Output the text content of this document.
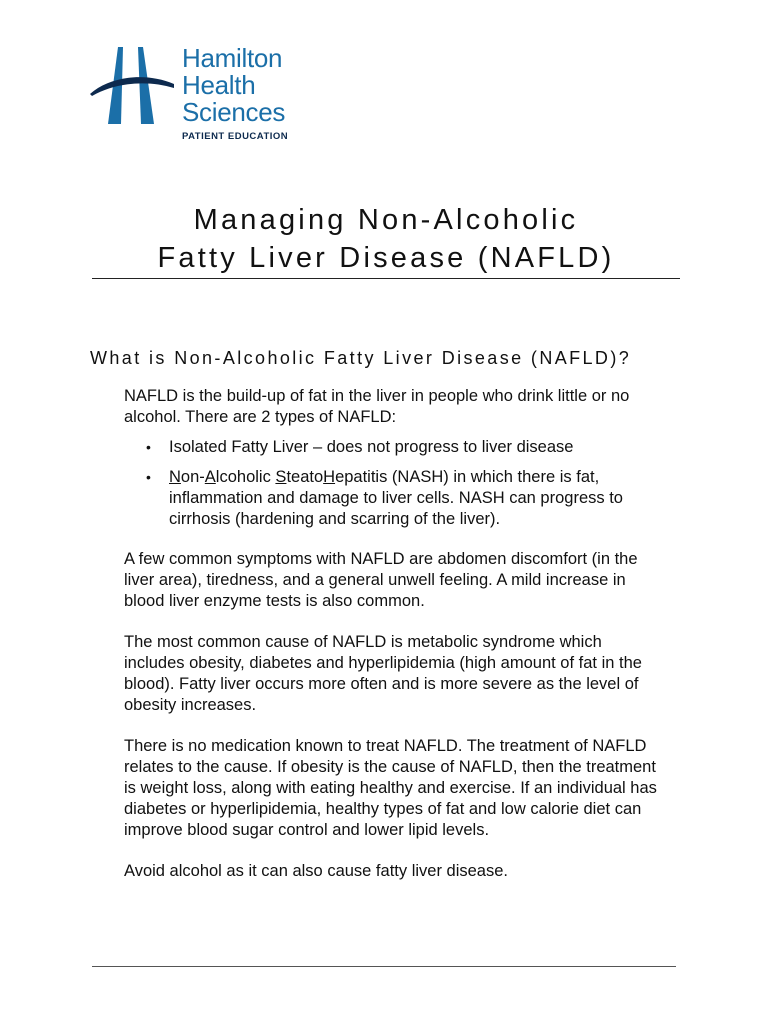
Hamilton
Health
Sciences
PATIENT EDUCATION
Managing Non-Alcoholic
Fatty Liver Disease (NAFLD)
What is Non-Alcoholic Fatty Liver Disease (NAFLD)?

NAFLD is the build-up of fat in the liver in people who drink little or no alcohol. There are 2 types of NAFLD:

• Isolated Fatty Liver – does not progress to liver disease
• Non-Alcoholic SteatoHepatitis (NASH) in which there is fat, inflammation and damage to liver cells. NASH can progress to cirrhosis (hardening and scarring of the liver).

A few common symptoms with NAFLD are abdomen discomfort (in the liver area), tiredness, and a general unwell feeling. A mild increase in blood liver enzyme tests is also common.

The most common cause of NAFLD is metabolic syndrome which includes obesity, diabetes and hyperlipidemia (high amount of fat in the blood). Fatty liver occurs more often and is more severe as the level of obesity increases.

There is no medication known to treat NAFLD. The treatment of NAFLD relates to the cause. If obesity is the cause of NAFLD, then the treatment is weight loss, along with eating healthy and exercise. If an individual has diabetes or hyperlipidemia, healthy types of fat and low calorie diet can improve blood sugar control and lower lipid levels.

Avoid alcohol as it can also cause fatty liver disease.
